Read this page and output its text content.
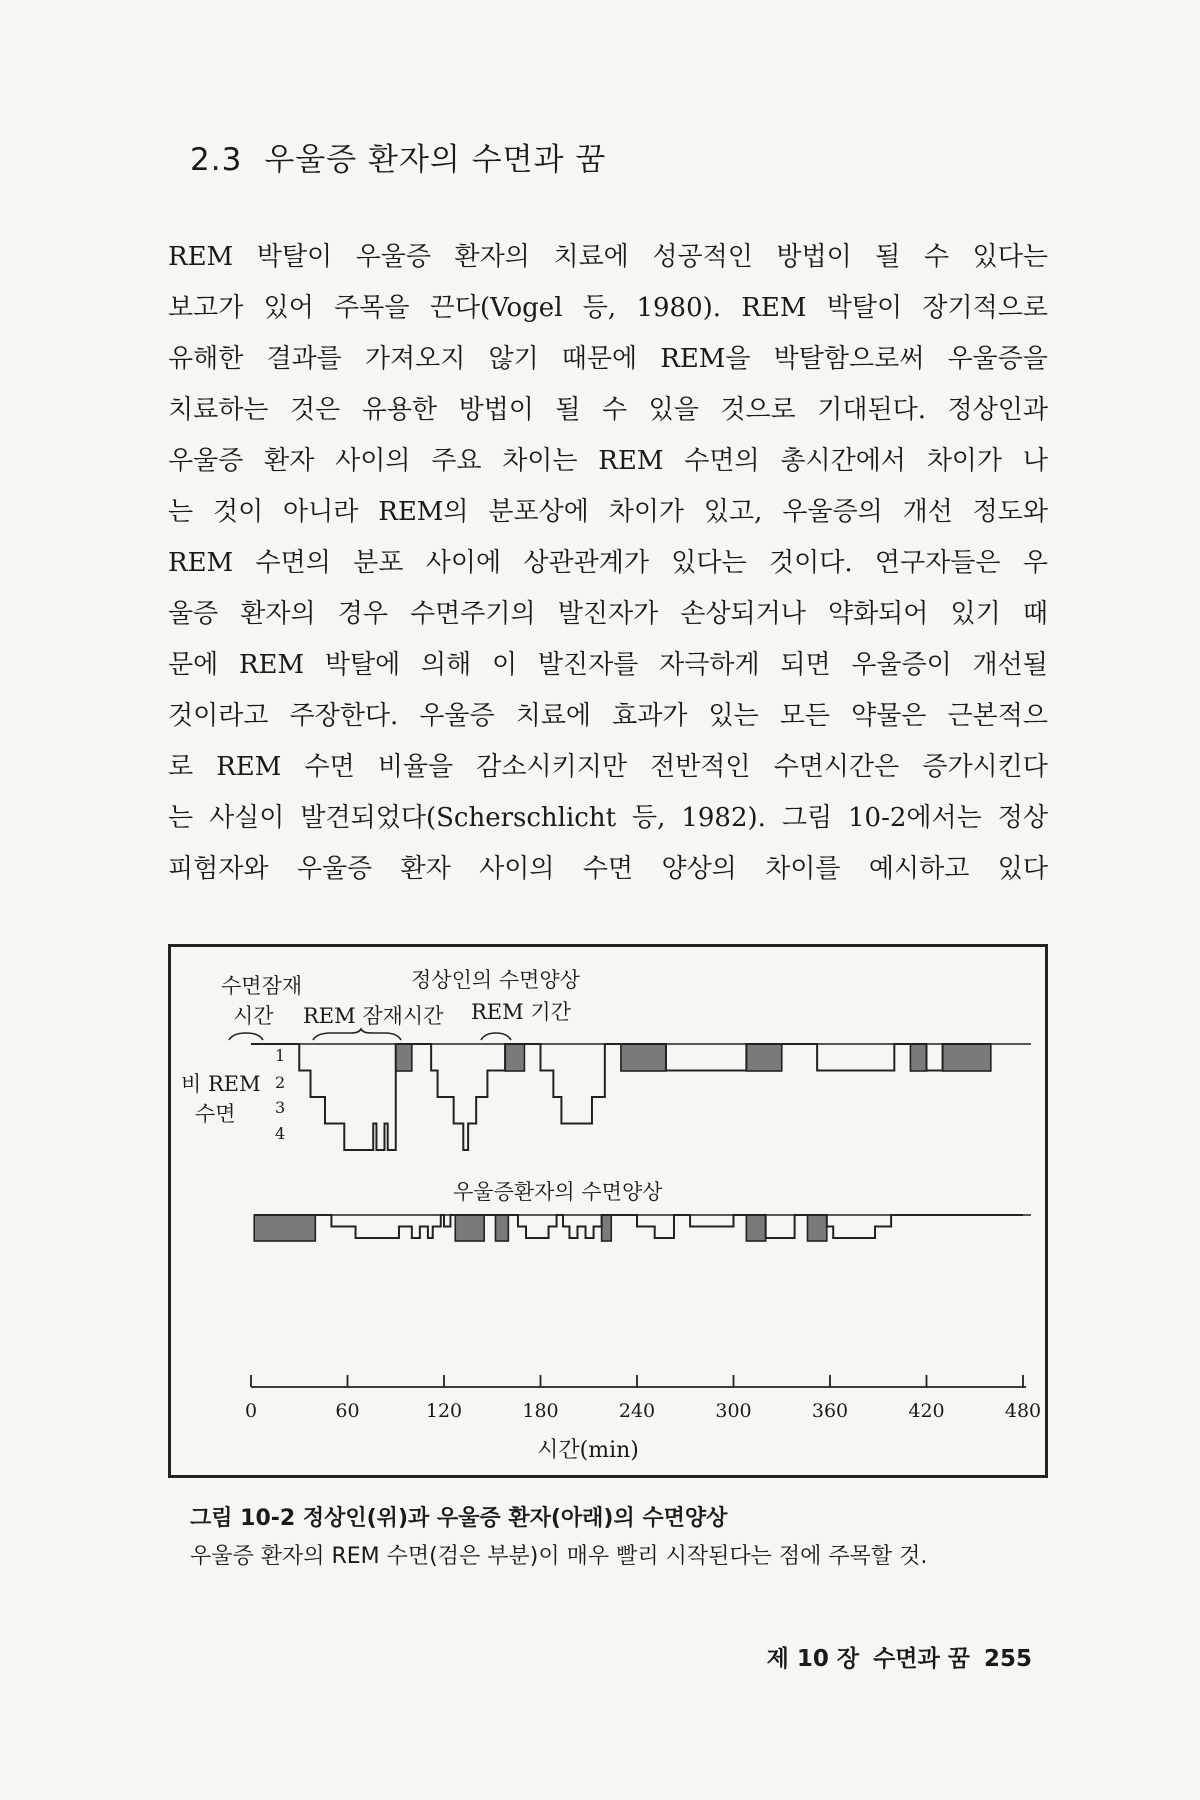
2.3 우울증 환자의 수면과 꿈
REM 박탈이 우울증 환자의 치료에 성공적인 방법이 될 수 있다는
보고가 있어 주목을 끈다(Vogel 등, 1980). REM 박탈이 장기적으로
유해한 결과를 가져오지 않기 때문에 REM을 박탈함으로써 우울증을
치료하는 것은 유용한 방법이 될 수 있을 것으로 기대된다. 정상인과
우울증 환자 사이의 주요 차이는 REM 수면의 총시간에서 차이가 나
는 것이 아니라 REM의 분포상에 차이가 있고, 우울증의 개선 정도와
REM 수면의 분포 사이에 상관관계가 있다는 것이다. 연구자들은 우
울증 환자의 경우 수면주기의 발진자가 손상되거나 약화되어 있기 때
문에 REM 박탈에 의해 이 발진자를 자극하게 되면 우울증이 개선될
것이라고 주장한다. 우울증 치료에 효과가 있는 모든 약물은 근본적으
로 REM 수면 비율을 감소시키지만 전반적인 수면시간은 증가시킨다
는 사실이 발견되었다(Scherschlicht 등, 1982). 그림 10-2에서는 정상
피험자와 우울증 환자 사이의 수면 양상의 차이를 예시하고 있다
수면잠재
시간 REM 잠재시간
정상인의 수면양상
REM 기간
비 REM
수면
1
2
3
4
우울증환자의 수면양상
0	60	120	180	240	300	360	420	480
시간(min)
그림 10-2 정상인(위)과 우울증 환자(아래)의 수면양상
우울증 환자의 REM 수면(검은 부분)이 매우 빨리 시작된다는 점에 주목할 것.
제 10 장 수면과 꿈 255
